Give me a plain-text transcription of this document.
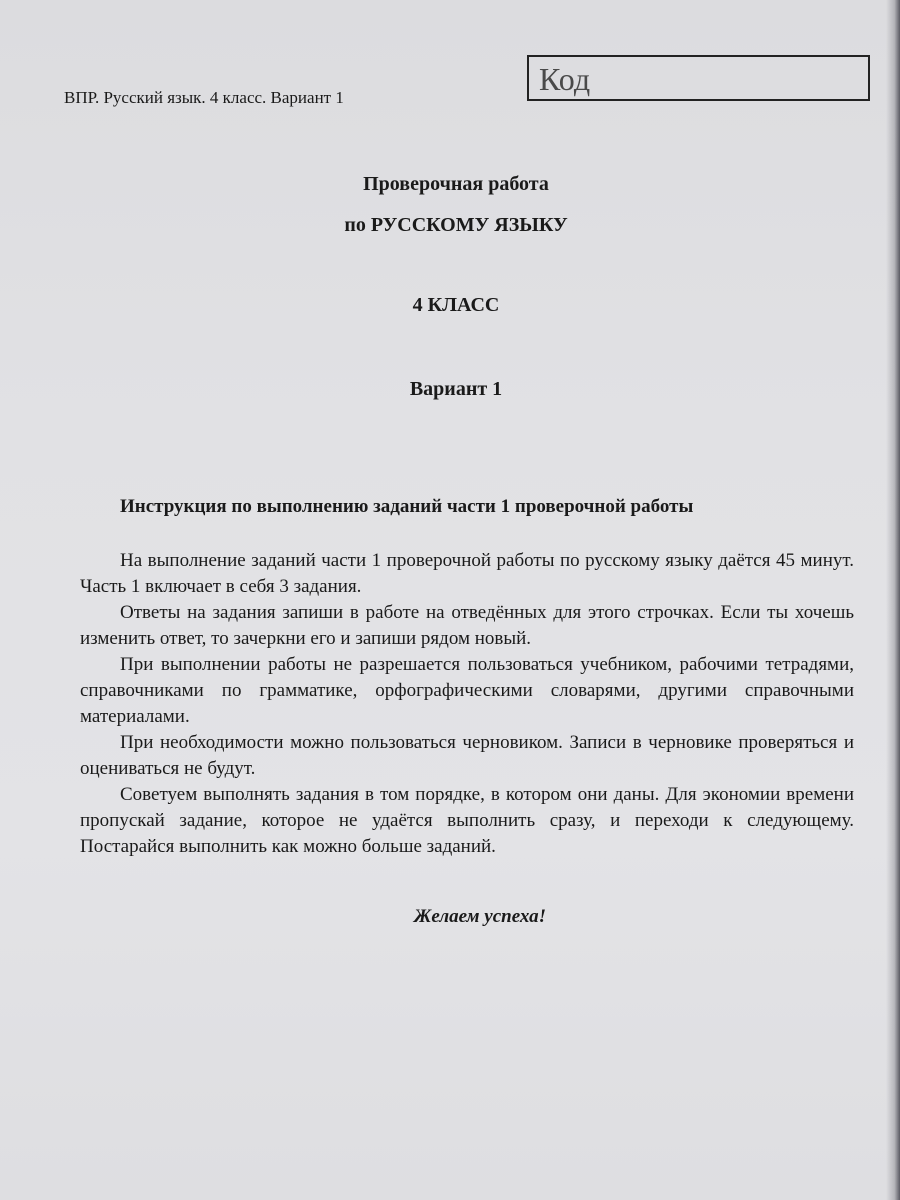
ВПР. Русский язык. 4 класс. Вариант 1
Код
Проверочная работа
по РУССКОМУ ЯЗЫКУ
4 КЛАСС
Вариант 1
Инструкция по выполнению заданий части 1 проверочной работы

На выполнение заданий части 1 проверочной работы по русскому языку даётся 45 минут. Часть 1 включает в себя 3 задания.

Ответы на задания запиши в работе на отведённых для этого строчках. Если ты хочешь изменить ответ, то зачеркни его и запиши рядом новый.

При выполнении работы не разрешается пользоваться учебником, рабочими тетрадями, справочниками по грамматике, орфографическими словарями, другими справочными материалами.

При необходимости можно пользоваться черновиком. Записи в черновике проверяться и оцениваться не будут.

Советуем выполнять задания в том порядке, в котором они даны. Для экономии времени пропускай задание, которое не удаётся выполнить сразу, и переходи к следующему. Постарайся выполнить как можно больше заданий.

Желаем успеха!
